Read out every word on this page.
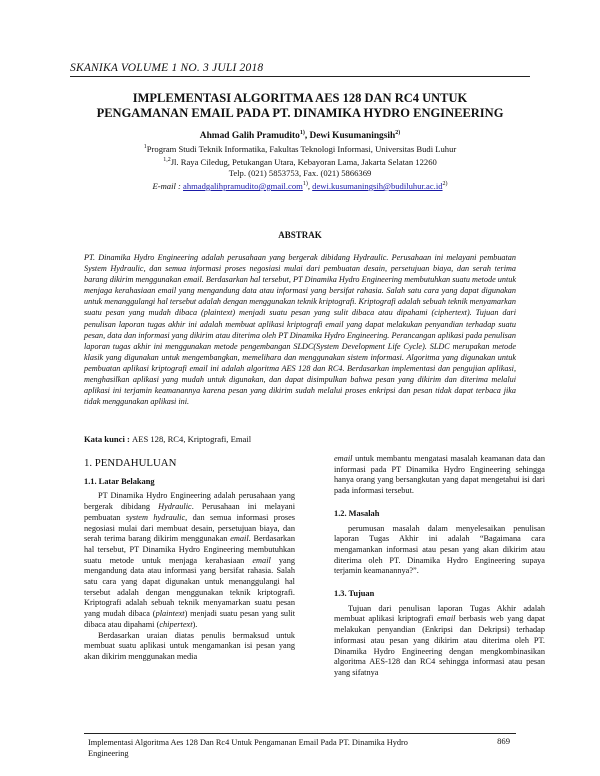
SKANIKA VOLUME 1 NO. 3 JULI 2018
IMPLEMENTASI ALGORITMA AES 128 DAN RC4 UNTUK
PENGAMANAN EMAIL PADA PT. DINAMIKA HYDRO ENGINEERING
Ahmad Galih Pramudito$^{1)}$, Dewi Kusumaningsih$^{2)}$
$^1$Program Studi Teknik Informatika, Fakultas Teknologi Informasi, Universitas Budi Luhur
$^{1,2}$Jl. Raya Ciledug, Petukangan Utara, Kebayoran Lama, Jakarta Selatan 12260
Telp. (021) 5853753, Fax. (021) 5866369
E-mail : ahmadgalihpramudito@gmail.com$^{1)}$, $dewi.kusumaningsih@budiluhur.ac.id^{2)}$
ABSTRAK
PT. Dinamika Hydro Engineering adalah perusahaan yang bergerak dibidang Hydraulic. Perusahaan ini melayani pembuatan System Hydraulic, dan semua informasi proses negosiasi mulai dari pembuatan desain, persetujuan biaya, dan serah terima barang dikirim menggunakan email. Berdasarkan hal tersebut, PT Dinamika Hydro Engineering membutuhkan suatu metode untuk menjaga kerahasiaan email yang mengandung data atau informasi yang bersifat rahasia. Salah satu cara yang dapat digunakan untuk menanggulangi hal tersebut adalah dengan menggunakan teknik kriptografi. Kriptografi adalah sebuah teknik menyamarkan suatu pesan yang mudah dibaca (plaintext) menjadi suatu pesan yang sulit dibaca atau dipahami (ciphertext). Tujuan dari penulisan laporan tugas akhir ini adalah membuat aplikasi kriptografi email yang dapat melakukan penyandian terhadap suatu pesan, data dan informasi yang dikirim atau diterima oleh PT Dinamika Hydro Engineering. Perancangan aplikasi pada penulisan laporan tugas akhir ini menggunakan metode pengembangan SLDC(System Development Life Cycle). SLDC merupakan metode klasik yang digunakan untuk mengembangkan, memelihara dan menggunakan sistem informasi. Algoritma yang digunakan untuk pembuatan aplikasi kriptografi email ini adalah algoritma AES 128 dan RC4. Berdasarkan implementasi dan pengujian aplikasi, menghasilkan aplikasi yang mudah untuk digunakan, dan dapat disimpulkan bahwa pesan yang dikirim dan diterima melalui aplikasi ini terjamin keamanannya karena pesan yang dikirim sudah melalui proses enkripsi dan pesan tidak dapat terbaca jika tidak menggunakan aplikasi ini.
Kata kunci : AES 128, RC4, Kriptografi, Email
1. PENDAHULUAN
1.1. Latar Belakang

PT Dinamika Hydro Engineering adalah perusahaan yang bergerak dibidang Hydraulic. Perusahaan ini melayani pembuatan system hydraulic, dan semua informasi proses negosiasi mulai dari membuat desain, persetujuan biaya, dan serah terima barang dikirim menggunakan email. Berdasarkan hal tersebut, PT Dinamika Hydro Engineering membutuhkan suatu metode untuk menjaga kerahasiaan email yang mengandung data atau informasi yang bersifat rahasia. Salah satu cara yang dapat digunakan untuk menanggulangi hal tersebut adalah dengan menggunakan teknik kriptografi. Kriptografi adalah sebuah teknik menyamarkan suatu pesan yang mudah dibaca (plaintext) menjadi suatu pesan yang sulit dibaca atau dipahami (chipertext).

Berdasarkan uraian diatas penulis bermaksud untuk membuat suatu aplikasi untuk mengamankan isi pesan yang akan dikirim menggunakan media

email untuk membantu mengatasi masalah keamanan data dan informasi pada PT Dinamika Hydro Engineering sehingga hanya orang yang bersangkutan yang dapat mengetahui isi dari pada informasi tersebut.

1.2. Masalah

perumusan masalah dalam menyelesaikan penulisan laporan Tugas Akhir ini adalah “Bagaimana cara mengamankan informasi atau pesan yang akan dikirim atau diterima oleh PT. Dinamika Hydro Engineering supaya terjamin keamanannya?”.

1.3. Tujuan

Tujuan dari penulisan laporan Tugas Akhir adalah membuat aplikasi kriptografi email berbasis web yang dapat melakukan penyandian (Enkripsi dan Dekripsi) terhadap informasi atau pesan yang dikirim atau diterima oleh PT. Dinamika Hydro Engineering dengan mengkombinasikan algoritma AES-128 dan RC4 sehingga informasi atau pesan yang sifatnya

Implementasi Algoritma Aes 128 Dan Rc4 Untuk Pengamanan Email Pada PT. Dinamika Hydro Engineering
869
